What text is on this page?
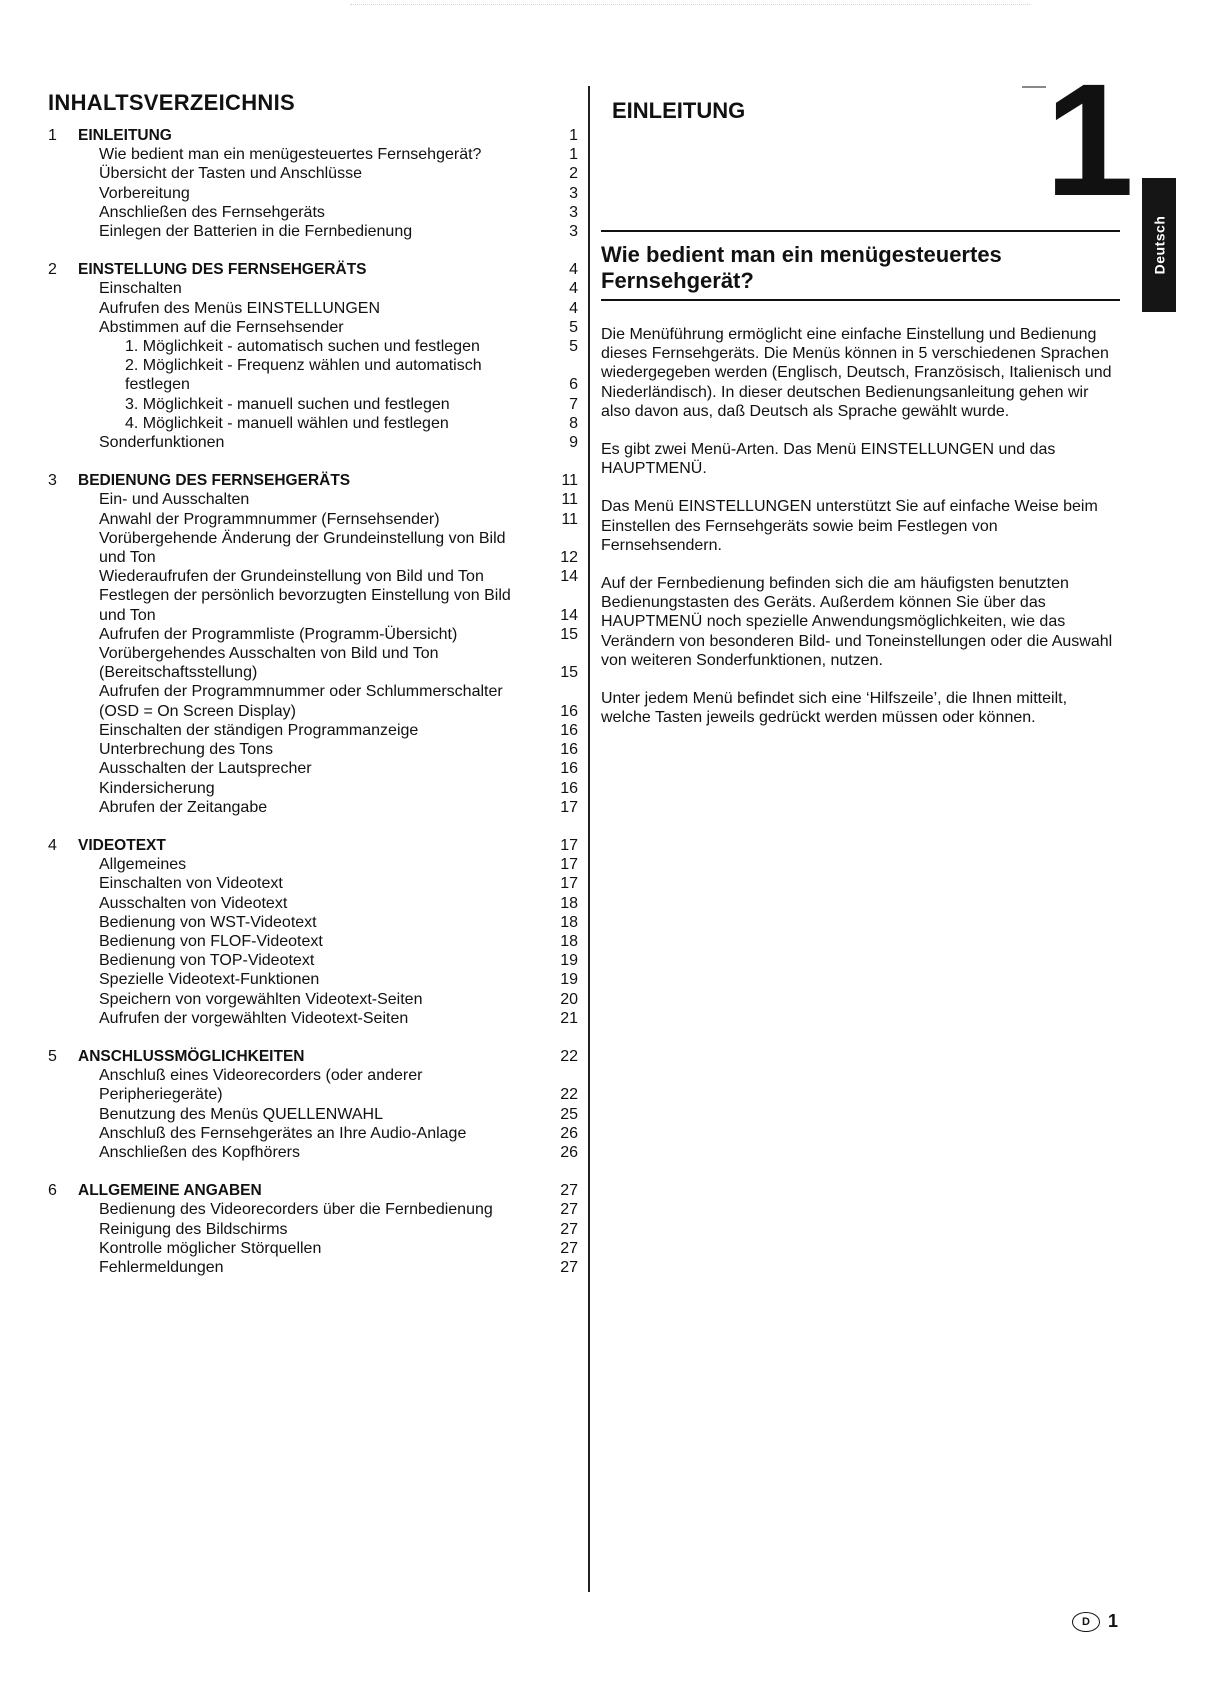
INHALTSVERZEICHNIS
1	EINLEITUNG	1
Wie bedient man ein menügesteuertes Fernsehgerät?	1
Übersicht der Tasten und Anschlüsse	2
Vorbereitung	3
Anschließen des Fernsehgeräts	3
Einlegen der Batterien in die Fernbedienung	3
2	EINSTELLUNG DES FERNSEHGERÄTS	4
Einschalten	4
Aufrufen des Menüs EINSTELLUNGEN	4
Abstimmen auf die Fernsehsender	5
1. Möglichkeit - automatisch suchen und festlegen	5
2. Möglichkeit - Frequenz wählen und automatisch festlegen	6
3. Möglichkeit - manuell suchen und festlegen	7
4. Möglichkeit - manuell wählen und festlegen	8
Sonderfunktionen	9
3	BEDIENUNG DES FERNSEHGERÄTS	11
Ein- und Ausschalten	11
Anwahl der Programmnummer (Fernsehsender)	11
Vorübergehende Änderung der Grundeinstellung von Bild und Ton	12
Wiederaufrufen der Grundeinstellung von Bild und Ton	14
Festlegen der persönlich bevorzugten Einstellung von Bild und Ton	14
Aufrufen der Programmliste (Programm-Übersicht)	15
Vorübergehendes Ausschalten von Bild und Ton (Bereitschaftsstellung)	15
Aufrufen der Programmnummer oder Schlummerschalter (OSD = On Screen Display)	16
Einschalten der ständigen Programmanzeige	16
Unterbrechung des Tons	16
Ausschalten der Lautsprecher	16
Kindersicherung	16
Abrufen der Zeitangabe	17
4	VIDEOTEXT	17
Allgemeines	17
Einschalten von Videotext	17
Ausschalten von Videotext	18
Bedienung von WST-Videotext	18
Bedienung von FLOF-Videotext	18
Bedienung von TOP-Videotext	19
Spezielle Videotext-Funktionen	19
Speichern von vorgewählten Videotext-Seiten	20
Aufrufen der vorgewählten Videotext-Seiten	21
5	ANSCHLUSSMÖGLICHKEITEN	22
Anschluß eines Videorecorders (oder anderer Peripheriegeräte)	22
Benutzung des Menüs QUELLENWAHL	25
Anschluß des Fernsehgerätes an Ihre Audio-Anlage	26
Anschließen des Kopfhörers	26
6	ALLGEMEINE ANGABEN	27
Bedienung des Videorecorders über die Fernbedienung	27
Reinigung des Bildschirms	27
Kontrolle möglicher Störquellen	27
Fehlermeldungen	27
EINLEITUNG	1
Wie bedient man ein menügesteuertes Fernsehgerät?

Die Menüführung ermöglicht eine einfache Einstellung und Bedienung dieses Fernsehgeräts. Die Menüs können in 5 verschiedenen Sprachen wiedergegeben werden (Englisch, Deutsch, Französisch, Italienisch und Niederländisch). In dieser deutschen Bedienungsanleitung gehen wir also davon aus, daß Deutsch als Sprache gewählt wurde.

Es gibt zwei Menü-Arten. Das Menü EINSTELLUNGEN und das HAUPTMENÜ.

Das Menü EINSTELLUNGEN unterstützt Sie auf einfache Weise beim Einstellen des Fernsehgeräts sowie beim Festlegen von Fernsehsendern.

Auf der Fernbedienung befinden sich die am häufigsten benutzten Bedienungstasten des Geräts. Außerdem können Sie über das HAUPTMENÜ noch spezielle Anwendungsmöglichkeiten, wie das Verändern von besonderen Bild- und Toneinstellungen oder die Auswahl von weiteren Sonderfunktionen, nutzen.

Unter jedem Menü befindet sich eine ‘Hilfszeile’, die Ihnen mitteilt, welche Tasten jeweils gedrückt werden müssen oder können.

Deutsch
D	1
